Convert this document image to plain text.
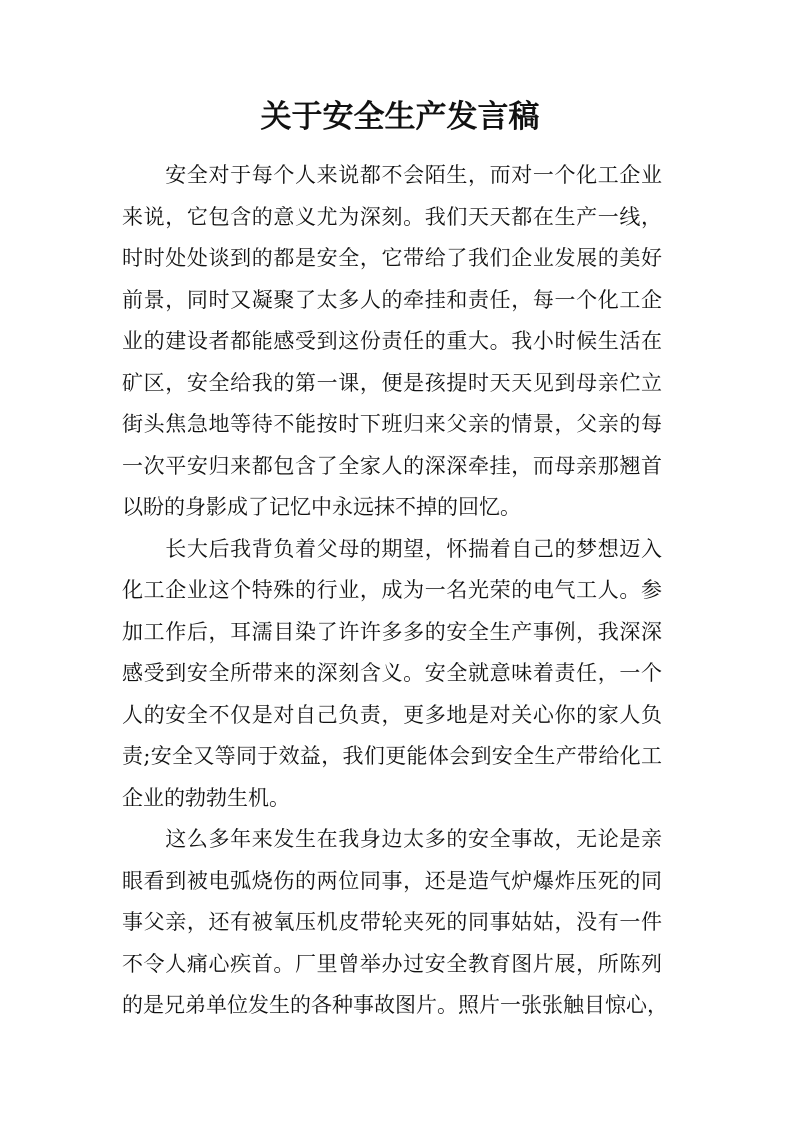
关于安全生产发言稿
　　安全对于每个人来说都不会陌生，而对一个化工企业
来说，它包含的意义尤为深刻。我们天天都在生产一线，
时时处处谈到的都是安全，它带给了我们企业发展的美好
前景，同时又凝聚了太多人的牵挂和责任，每一个化工企
业的建设者都能感受到这份责任的重大。我小时候生活在
矿区，安全给我的第一课，便是孩提时天天见到母亲伫立
街头焦急地等待不能按时下班归来父亲的情景，父亲的每
一次平安归来都包含了全家人的深深牵挂，而母亲那翘首
以盼的身影成了记忆中永远抹不掉的回忆。
　　长大后我背负着父母的期望，怀揣着自己的梦想迈入
化工企业这个特殊的行业，成为一名光荣的电气工人。参
加工作后，耳濡目染了许许多多的安全生产事例，我深深
感受到安全所带来的深刻含义。安全就意味着责任，一个
人的安全不仅是对自己负责，更多地是对关心你的家人负
责;安全又等同于效益，我们更能体会到安全生产带给化工
企业的勃勃生机。
　　这么多年来发生在我身边太多的安全事故，无论是亲
眼看到被电弧烧伤的两位同事，还是造气炉爆炸压死的同
事父亲，还有被氧压机皮带轮夹死的同事姑姑，没有一件
不令人痛心疾首。厂里曾举办过安全教育图片展，所陈列
的是兄弟单位发生的各种事故图片。照片一张张触目惊心，
